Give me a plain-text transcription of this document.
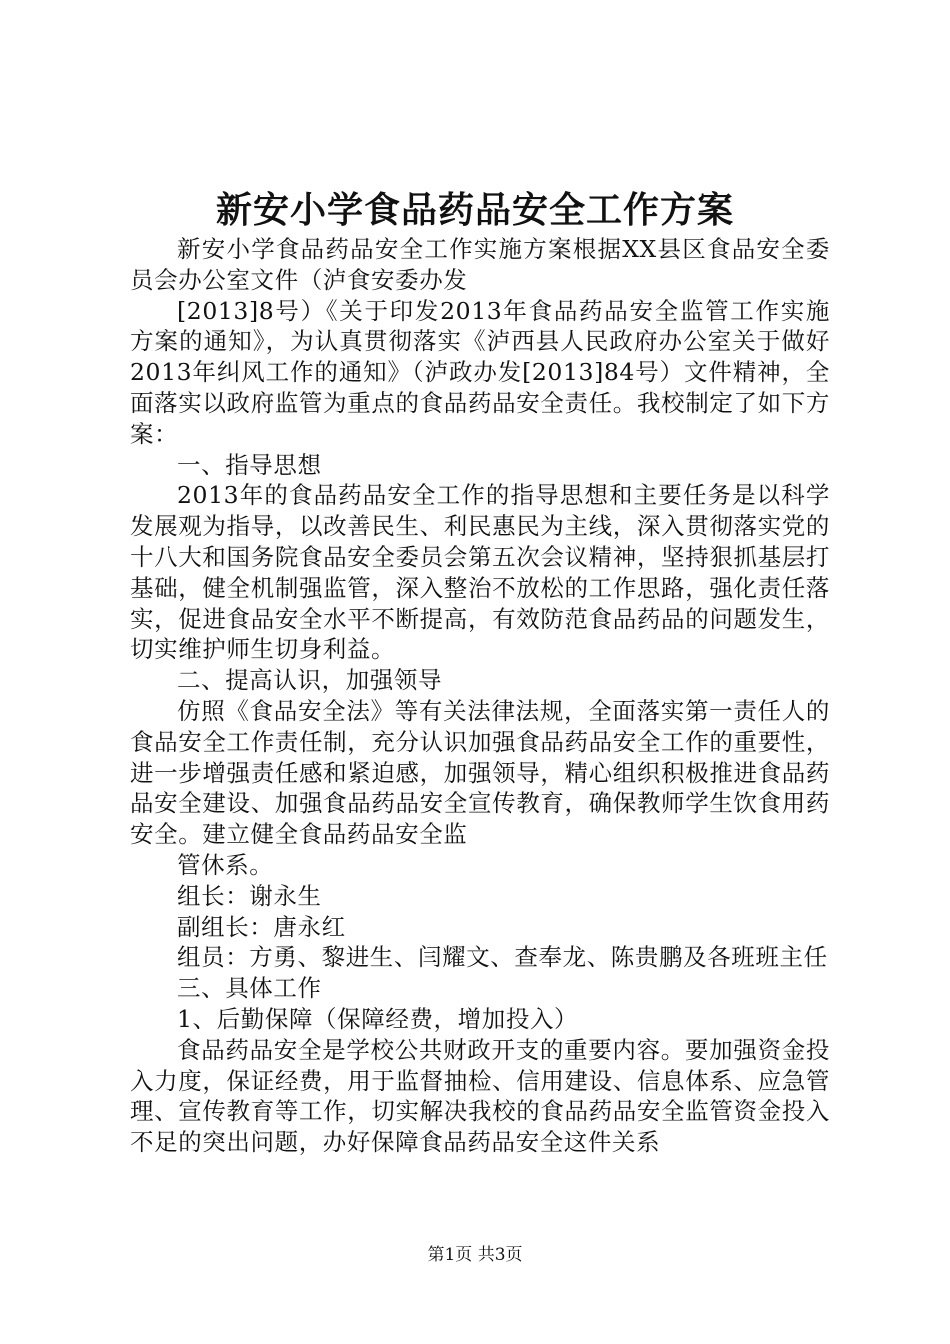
新安小学食品药品安全工作方案

新安小学食品药品安全工作实施方案根据XX县区食品安全委员会办公室文件（泸食安委办发

[2013]8号）《关于印发2013年食品药品安全监管工作实施方案的通知》，为认真贯彻落实《泸西县人民政府办公室关于做好2013年纠风工作的通知》（泸政办发[2013]84号）文件精神，全面落实以政府监管为重点的食品药品安全责任。我校制定了如下方案：

一、指导思想

2013年的食品药品安全工作的指导思想和主要任务是以科学发展观为指导，以改善民生、利民惠民为主线，深入贯彻落实党的十八大和国务院食品安全委员会第五次会议精神，坚持狠抓基层打基础，健全机制强监管，深入整治不放松的工作思路，强化责任落实，促进食品安全水平不断提高，有效防范食品药品的问题发生，切实维护师生切身利益。

二、提高认识，加强领导

仿照《食品安全法》等有关法律法规，全面落实第一责任人的食品安全工作责任制，充分认识加强食品药品安全工作的重要性，进一步增强责任感和紧迫感，加强领导，精心组织积极推进食品药品安全建设、加强食品药品安全宣传教育，确保教师学生饮食用药安全。建立健全食品药品安全监

管休系。

组长：谢永生

副组长：唐永红

组员：方勇、黎进生、闫耀文、查奉龙、陈贵鹏及各班班主任

三、具体工作

1、后勤保障（保障经费，增加投入）

食品药品安全是学校公共财政开支的重要内容。要加强资金投入力度，保证经费，用于监督抽检、信用建设、信息体系、应急管理、宣传教育等工作，切实解决我校的食品药品安全监管资金投入不足的突出问题，办好保障食品药品安全这件关系

第1页 共3页
